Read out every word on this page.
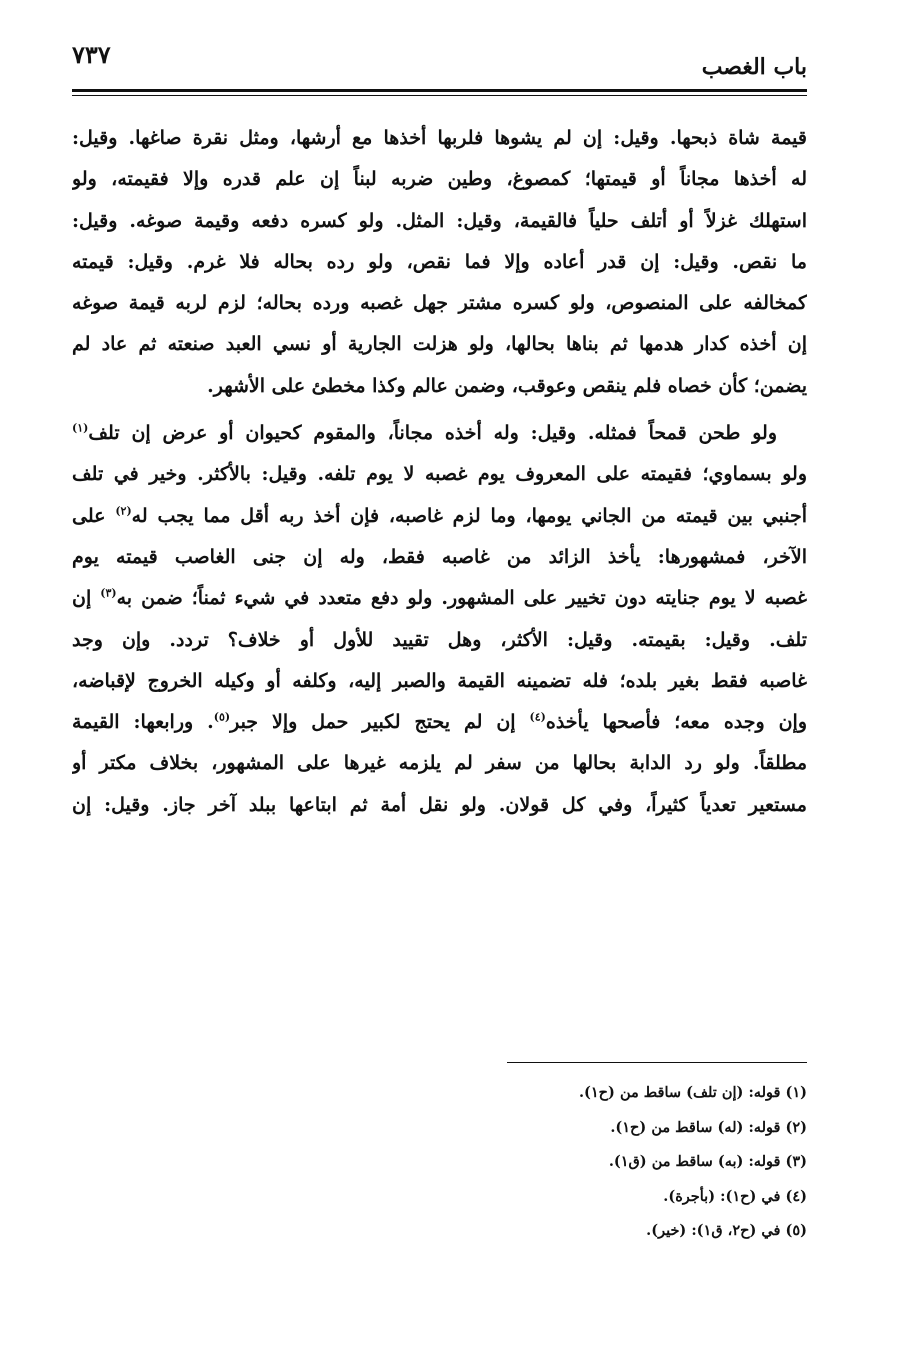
٧٣٧	باب الغصب
قيمة شاة ذبحها. وقيل: إن لم يشوها فلربها أخذها مع أرشها، ومثل نقرة صاغها. وقيل:
له أخذها مجاناً أو قيمتها؛ كمصوغ، وطين ضربه لبناً إن علم قدره وإلا فقيمته، ولو
استهلك غزلاً أو أتلف حلياً فالقيمة، وقيل: المثل. ولو كسره دفعه وقيمة صوغه. وقيل:
ما نقص. وقيل: إن قدر أعاده وإلا فما نقص، ولو رده بحاله فلا غرم. وقيل: قيمته
كمخالفه على المنصوص، ولو كسره مشتر جهل غصبه ورده بحاله؛ لزم لربه قيمة صوغه
إن أخذه كدار هدمها ثم بناها بحالها، ولو هزلت الجارية أو نسي العبد صنعته ثم عاد لم
يضمن؛ كأن خصاه فلم ينقص وعوقب، وضمن عالم وكذا مخطئ على الأشهر.
ولو طحن قمحاً فمثله. وقيل: وله أخذه مجاناً، والمقوم كحيوان أو عرض إن تلف$^{(١)}$
ولو بسماوي؛ فقيمته على المعروف يوم غصبه لا يوم تلفه. وقيل: بالأكثر. وخير في تلف
أجنبي بين قيمته من الجاني يومها، وما لزم غاصبه، فإن أخذ ربه أقل مما يجب له$^{(٢)}$ على
الآخر، فمشهورها: يأخذ الزائد من غاصبه فقط، وله إن جنى الغاصب قيمته يوم
غصبه لا يوم جنايته دون تخيير على المشهور. ولو دفع متعدد في شيء ثمناً؛ ضمن به$^{(٣)}$ إن
تلف. وقيل: بقيمته. وقيل: الأكثر، وهل تقييد للأول أو خلاف؟ تردد. وإن وجد
غاصبه فقط بغير بلده؛ فله تضمينه القيمة والصبر إليه، وكلفه أو وكيله الخروج لإقباضه،
وإن وجده معه؛ فأصحها يأخذه$^{(٤)}$ إن لم يحتج لكبير حمل وإلا جبر$^{(٥)}$. ورابعها: القيمة
مطلقاً. ولو رد الدابة بحالها من سفر لم يلزمه غيرها على المشهور، بخلاف مكتر أو
مستعير تعدياً كثيراً، وفي كل قولان. ولو نقل أمة ثم ابتاعها ببلد آخر جاز. وقيل: إن
(١) قوله: (إن تلف) ساقط من (ح١).
(٢) قوله: (له) ساقط من (ح١).
(٣) قوله: (به) ساقط من (ق١).
(٤) في (ح١): (بأجرة).
(٥) في (ح٢، ق١): (خير).
